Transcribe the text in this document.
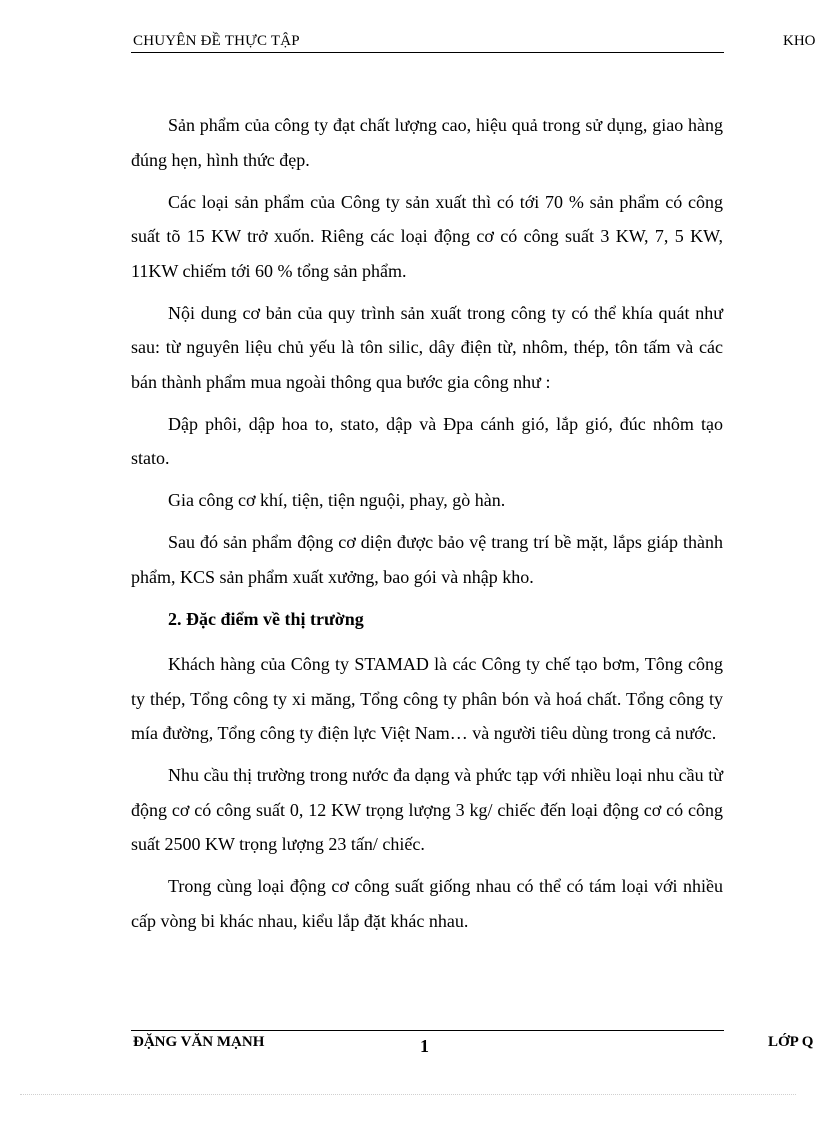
CHUYÊN ĐỀ THỰC TẬP	KHO

Sản phẩm của công ty đạt chất lượng cao, hiệu quả trong sử dụng, giao hàng đúng hẹn, hình thức đẹp.

Các loại sản phẩm của Công ty sản xuất thì có tới 70 % sản phẩm có công suất tõ 15 KW trở xuốn. Riêng các loại động cơ có công suất 3 KW, 7, 5 KW, 11KW chiếm tới 60 % tổng sản phẩm.

Nội dung cơ bản của quy trình sản xuất trong công ty có thể khía quát như sau: từ nguyên liệu chủ yếu là tôn silic, dây điện từ, nhôm, thép, tôn tấm và các bán thành phẩm mua ngoài thông qua bước gia công như :

Dập phôi, dập hoa to, stato, dập và Đpa cánh gió, lắp gió, đúc nhôm tạo stato.

Gia công cơ khí, tiện, tiện nguội, phay, gò hàn.

Sau đó sản phẩm động cơ diện được bảo vệ trang trí bề mặt, lắps giáp thành phẩm, KCS sản phẩm xuất xưởng, bao gói và nhập kho.

2. Đặc điểm về thị trường

Khách hàng của Công ty STAMAD là các Công ty chế tạo bơm, Tông công ty thép, Tổng công ty xi măng, Tổng công ty phân bón và hoá chất. Tổng công ty mía đường, Tổng công ty điện lực Việt Nam… và người tiêu dùng trong cả nước.

Nhu cầu thị trường trong nước đa dạng và phức tạp với nhiều loại nhu cầu từ động cơ có công suất 0, 12 KW trọng lượng 3 kg/ chiếc đến loại động cơ có công suất 2500 KW trọng lượng 23 tấn/ chiếc.

Trong cùng loại động cơ công suất giống nhau có thể có tám loại với nhiều cấp vòng bi khác nhau, kiểu lắp đặt khác nhau.

ĐẶNG VĂN MẠNH	1	LỚP Q
